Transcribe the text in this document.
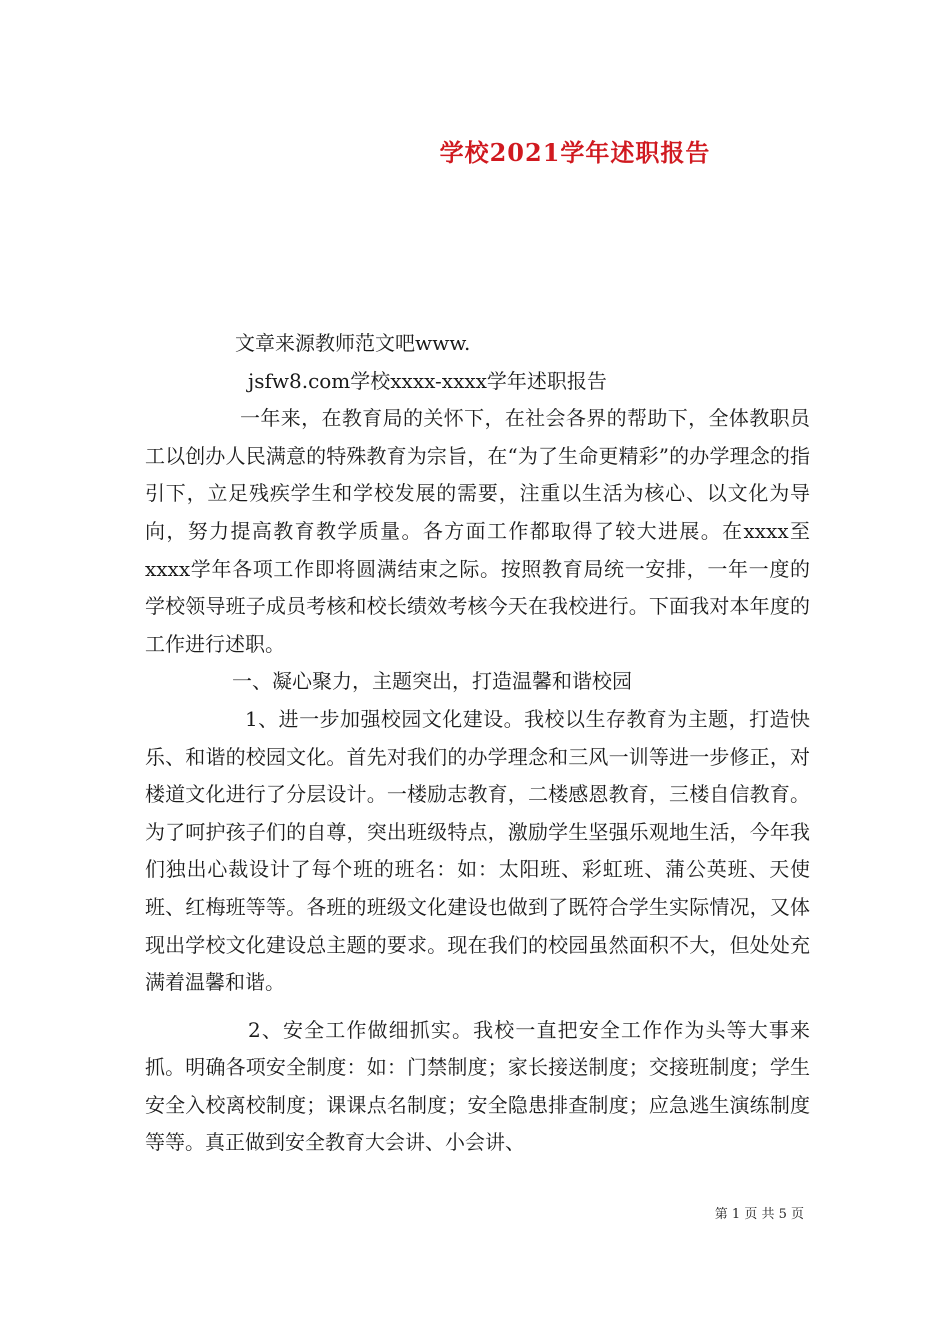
学校2021学年述职报告

文章来源教师范文吧www.

jsfw8.com学校xxxx-xxxx学年述职报告

一年来，在教育局的关怀下，在社会各界的帮助下，全体教职员工以创办人民满意的特殊教育为宗旨，在“为了生命更精彩”的办学理念的指引下，立足残疾学生和学校发展的需要，注重以生活为核心、以文化为导向，努力提高教育教学质量。各方面工作都取得了较大进展。在xxxx至xxxx学年各项工作即将圆满结束之际。按照教育局统一安排，一年一度的学校领导班子成员考核和校长绩效考核今天在我校进行。下面我对本年度的工作进行述职。

一、凝心聚力，主题突出，打造温馨和谐校园

1、进一步加强校园文化建设。我校以生存教育为主题，打造快乐、和谐的校园文化。首先对我们的办学理念和三风一训等进一步修正，对楼道文化进行了分层设计。一楼励志教育，二楼感恩教育，三楼自信教育。为了呵护孩子们的自尊，突出班级特点，激励学生坚强乐观地生活，今年我们独出心裁设计了每个班的班名：如：太阳班、彩虹班、蒲公英班、天使班、红梅班等等。各班的班级文化建设也做到了既符合学生实际情况，又体现出学校文化建设总主题的要求。现在我们的校园虽然面积不大，但处处充满着温馨和谐。

2、安全工作做细抓实。我校一直把安全工作作为头等大事来抓。明确各项安全制度：如：门禁制度；家长接送制度；交接班制度；学生安全入校离校制度；课课点名制度；安全隐患排查制度；应急逃生演练制度等等。真正做到安全教育大会讲、小会讲、

第 1 页 共 5 页
